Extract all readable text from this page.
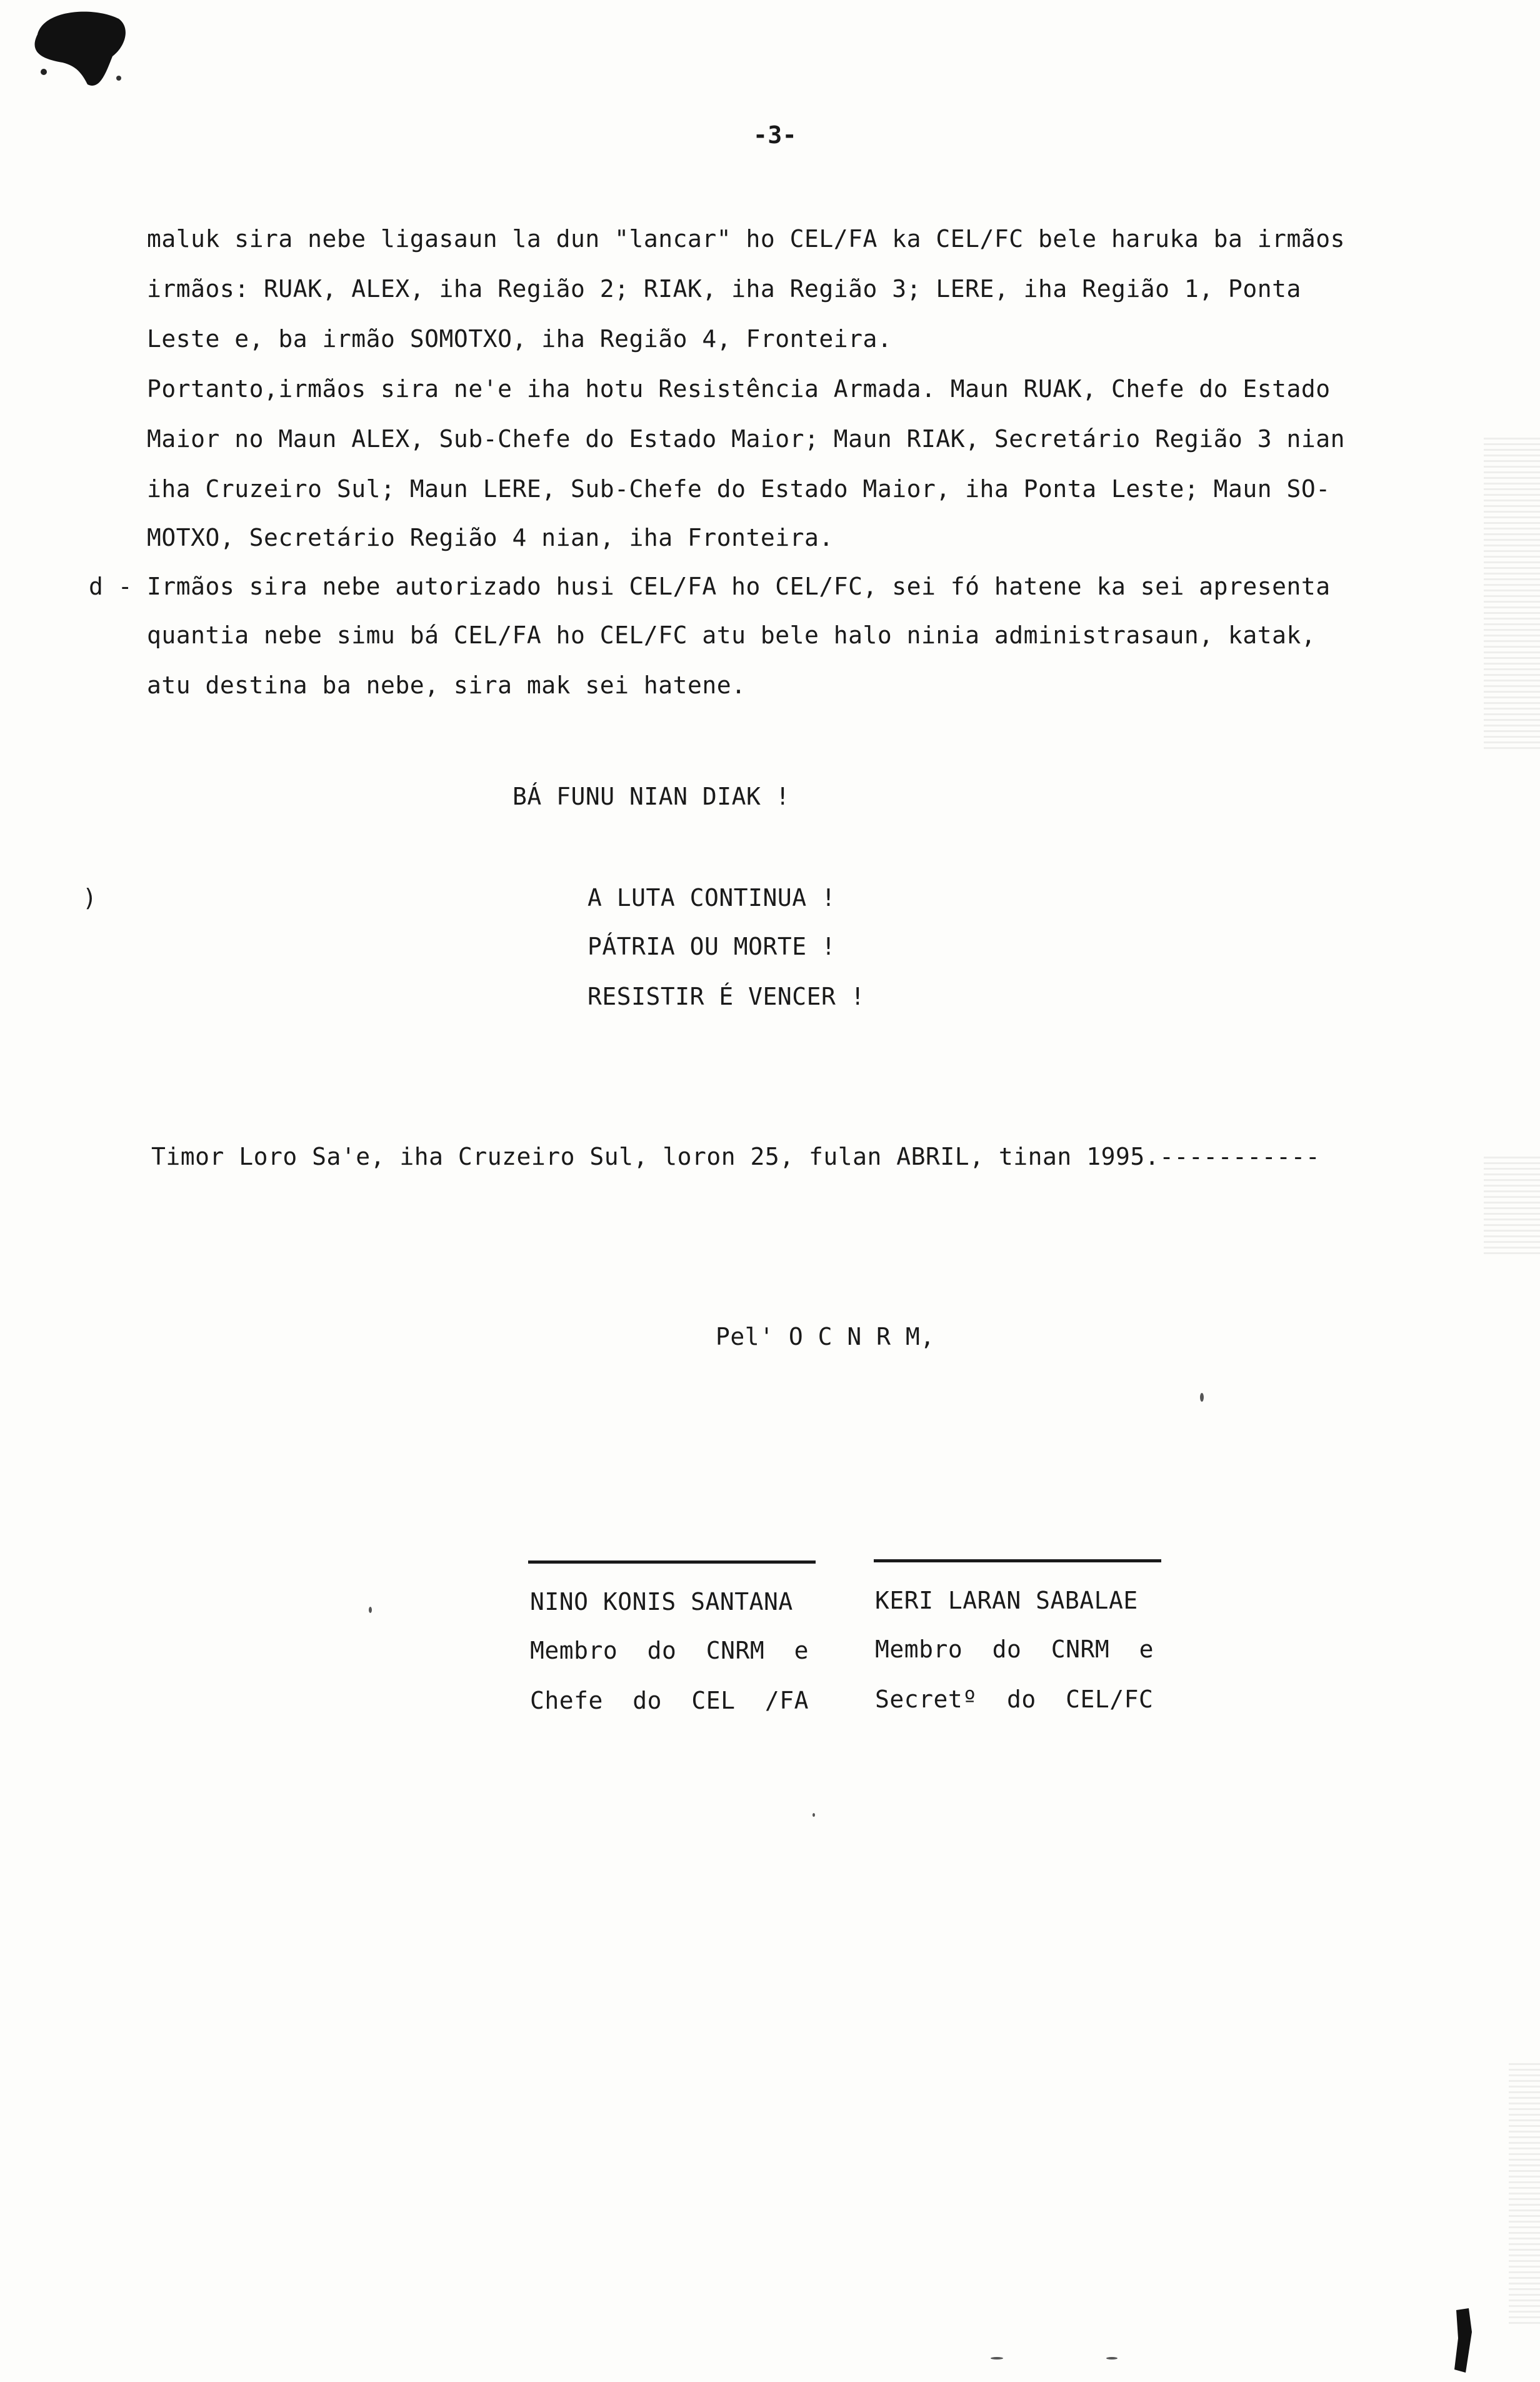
-3-
maluk sira nebe ligasaun la dun "lancar" ho CEL/FA ka CEL/FC bele haruka ba irmãos
irmãos: RUAK, ALEX, iha Região 2; RIAK, iha Região 3; LERE, iha Região 1, Ponta
Leste e, ba irmão SOMOTXO, iha Região 4, Fronteira.
Portanto,irmãos sira ne'e iha hotu Resistência Armada. Maun RUAK, Chefe do Estado
Maior no Maun ALEX, Sub-Chefe do Estado Maior; Maun RIAK, Secretário Região 3 nian
iha Cruzeiro Sul; Maun LERE, Sub-Chefe do Estado Maior, iha Ponta Leste; Maun SO-
MOTXO, Secretário Região 4 nian, iha Fronteira.
d - Irmãos sira nebe autorizado husi CEL/FA ho CEL/FC, sei fó hatene ka sei apresenta
quantia nebe simu bá CEL/FA ho CEL/FC atu bele halo ninia administrasaun, katak,
atu destina ba nebe, sira mak sei hatene.
BÁ FUNU NIAN DIAK !
)	A LUTA CONTINUA !
PÁTRIA OU MORTE !
RESISTIR É VENCER !
Timor Loro Sa'e, iha Cruzeiro Sul, loron 25, fulan ABRIL, tinan 1995.-----------
Pel' O C N R M,
NINO KONIS SANTANA
Membro do CNRM e
Chefe do CEL /FA
KERI LARAN SABALAE
Membro do CNRM e
Secretº do CEL/FC
